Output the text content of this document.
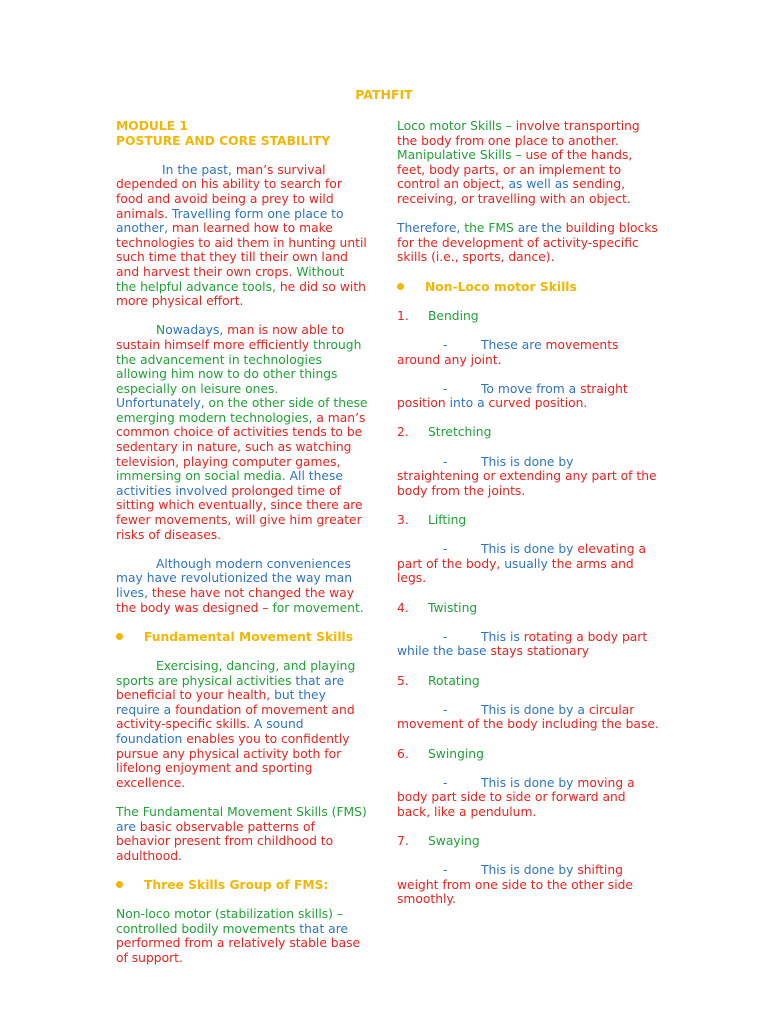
PATHFIT
MODULE 1
POSTURE AND CORE STABILITY

In the past, man’s survival depended on his ability to search for food and avoid being a prey to wild animals. Travelling form one place to another, man learned how to make technologies to aid them in hunting until such time that they till their own land and harvest their own crops. Without the helpful advance tools, he did so with more physical effort.

Nowadays, man is now able to sustain himself more efficiently through the advancement in technologies allowing him now to do other things especially on leisure ones. Unfortunately, on the other side of these emerging modern technologies, a man’s common choice of activities tends to be sedentary in nature, such as watching television, playing computer games, immersing on social media. All these activities involved prolonged time of sitting which eventually, since there are fewer movements, will give him greater risks of diseases.

Although modern conveniences may have revolutionized the way man lives, these have not changed the way the body was designed – for movement.

Fundamental Movement Skills

Exercising, dancing, and playing sports are physical activities that are beneficial to your health, but they require a foundation of movement and activity-specific skills. A sound foundation enables you to confidently pursue any physical activity both for lifelong enjoyment and sporting excellence.

The Fundamental Movement Skills (FMS) are basic observable patterns of behavior present from childhood to adulthood.

Three Skills Group of FMS:

Non-loco motor (stabilization skills) – controlled bodily movements that are performed from a relatively stable base of support.

Loco motor Skills – involve transporting the body from one place to another.

Manipulative Skills – use of the hands, feet, body parts, or an implement to control an object, as well as sending, receiving, or travelling with an object.

Therefore, the FMS are the building blocks for the development of activity-specific skills (i.e., sports, dance).

Non-Loco motor Skills

1. Bending

-	These are movements around any joint.

-	To move from a straight position into a curved position.

2. Stretching

-	This is done by straightening or extending any part of the body from the joints.

3. Lifting

-	This is done by elevating a part of the body, usually the arms and legs.

4. Twisting

-	This is rotating a body part while the base stays stationary

5. Rotating

-	This is done by a circular movement of the body including the base.

6. Swinging

-	This is done by moving a body part side to side or forward and back, like a pendulum.

7. Swaying

-	This is done by shifting weight from one side to the other side smoothly.
